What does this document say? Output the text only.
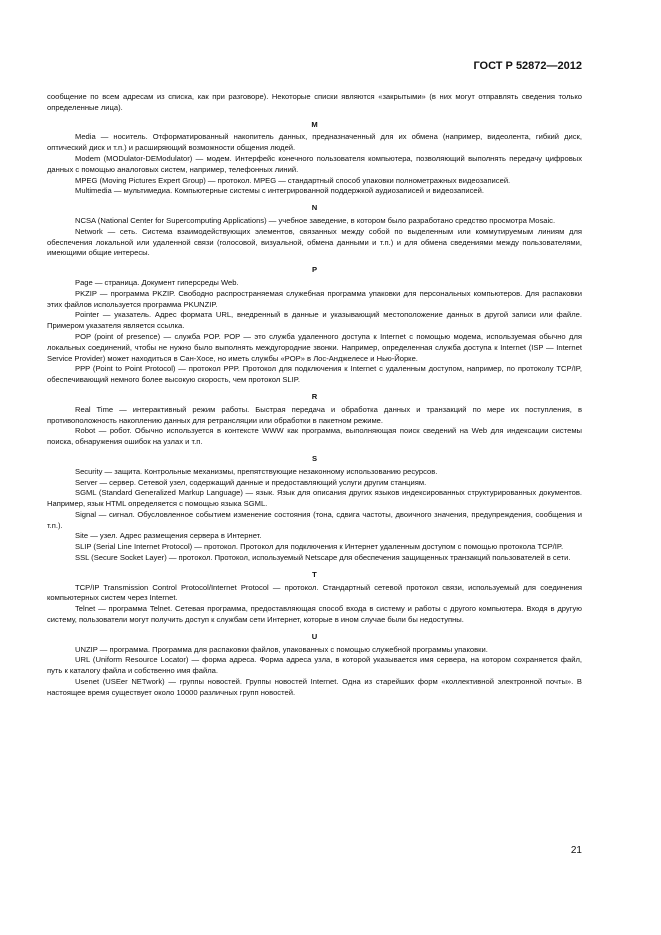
ГОСТ Р 52872—2012

сообщение по всем адресам из списка, как при разговоре). Некоторые списки являются «закрытыми» (в них могут отправлять сведения только определенные лица).

M

Media — носитель. Отформатированный накопитель данных, предназначенный для их обмена (например, видеолента, гибкий диск, оптический диск и т.п.) и расширяющий возможности общения людей.

Modem (MODulator-DEModulator) — модем. Интерфейс конечного пользователя компьютера, позволяющий выполнять передачу цифровых данных с помощью аналоговых систем, например, телефонных линий.

MPEG (Moving Pictures Expert Group) — протокол. MPEG — стандартный способ упаковки полнометражных видеозаписей.

Multimedia — мультимедиа. Компьютерные системы с интегрированной поддержкой аудиозаписей и видеозаписей.

N

NCSA (National Center for Supercomputing Applications) — учебное заведение, в котором было разработано средство просмотра Mosaic.

Network — сеть. Система взаимодействующих элементов, связанных между собой по выделенным или коммутируемым линиям для обеспечения локальной или удаленной связи (голосовой, визуальной, обмена данными и т.п.) и для обмена сведениями между пользователями, имеющими общие интересы.

P

Page — страница. Документ гиперсреды Web.

PKZIP — программа PKZIP. Свободно распространяемая служебная программа упаковки для персональных компьютеров. Для распаковки этих файлов используется программа PKUNZIP.

Pointer — указатель. Адрес формата URL, внедренный в данные и указывающий местоположение данных в другой записи или файле. Примером указателя является ссылка.

POP (point of presence) — служба POP. POP — это служба удаленного доступа к Internet с помощью модема, используемая обычно для локальных соединений, чтобы не нужно было выполнять междугородние звонки. Например, определенная служба доступа к Internet (ISP — Internet Service Provider) может находиться в Сан-Хосе, но иметь службы «POP» в Лос-Анджелесе и Нью-Йорке.

PPP (Point to Point Protocol) — протокол PPP. Протокол для подключения к Internet с удаленным доступом, например, по протоколу TCP/IP, обеспечивающий немного более высокую скорость, чем протокол SLIP.

R

Real Time — интерактивный режим работы. Быстрая передача и обработка данных и транзакций по мере их поступления, в противоположность накоплению данных для ретрансляции или обработки в пакетном режиме.

Robot — робот. Обычно используется в контексте WWW как программа, выполняющая поиск сведений на Web для индексации системы поиска, обнаружения ошибок на узлах и т.п.

S

Security — защита. Контрольные механизмы, препятствующие незаконному использованию ресурсов.

Server — сервер. Сетевой узел, содержащий данные и предоставляющий услуги другим станциям.

SGML (Standard Generalized Markup Language) — язык. Язык для описания других языков индексированных структурированных документов. Например, язык HTML определяется с помощью языка SGML.

Signal — сигнал. Обусловленное событием изменение состояния (тона, сдвига частоты, двоичного значения, предупреждения, сообщения и т.п.).

Site — узел. Адрес размещения сервера в Интернет.

SLIP (Serial Line Internet Protocol) — протокол. Протокол для подключения к Интернет удаленным доступом с помощью протокола TCP/IP.

SSL (Secure Socket Layer) — протокол. Протокол, используемый Netscape для обеспечения защищенных транзакций пользователей в сети.

T

TCP/IP Transmission Control Protocol/Internet Protocol — протокол. Стандартный сетевой протокол связи, используемый для соединения компьютерных систем через Internet.

Telnet — программа Telnet. Сетевая программа, предоставляющая способ входа в систему и работы с другого компьютера. Входя в другую систему, пользователи могут получить доступ к службам сети Интернет, которые в ином случае были бы недоступны.

U

UNZIP — программа. Программа для распаковки файлов, упакованных с помощью служебной программы упаковки.

URL (Uniform Resource Locator) — форма адреса. Форма адреса узла, в которой указывается имя сервера, на котором сохраняется файл, путь к каталогу файла и собственно имя файла.

Usenet (USEer NETwork) — группы новостей. Группы новостей Internet. Одна из старейших форм «коллективной электронной почты». В настоящее время существует около 10000 различных групп новостей.

21
